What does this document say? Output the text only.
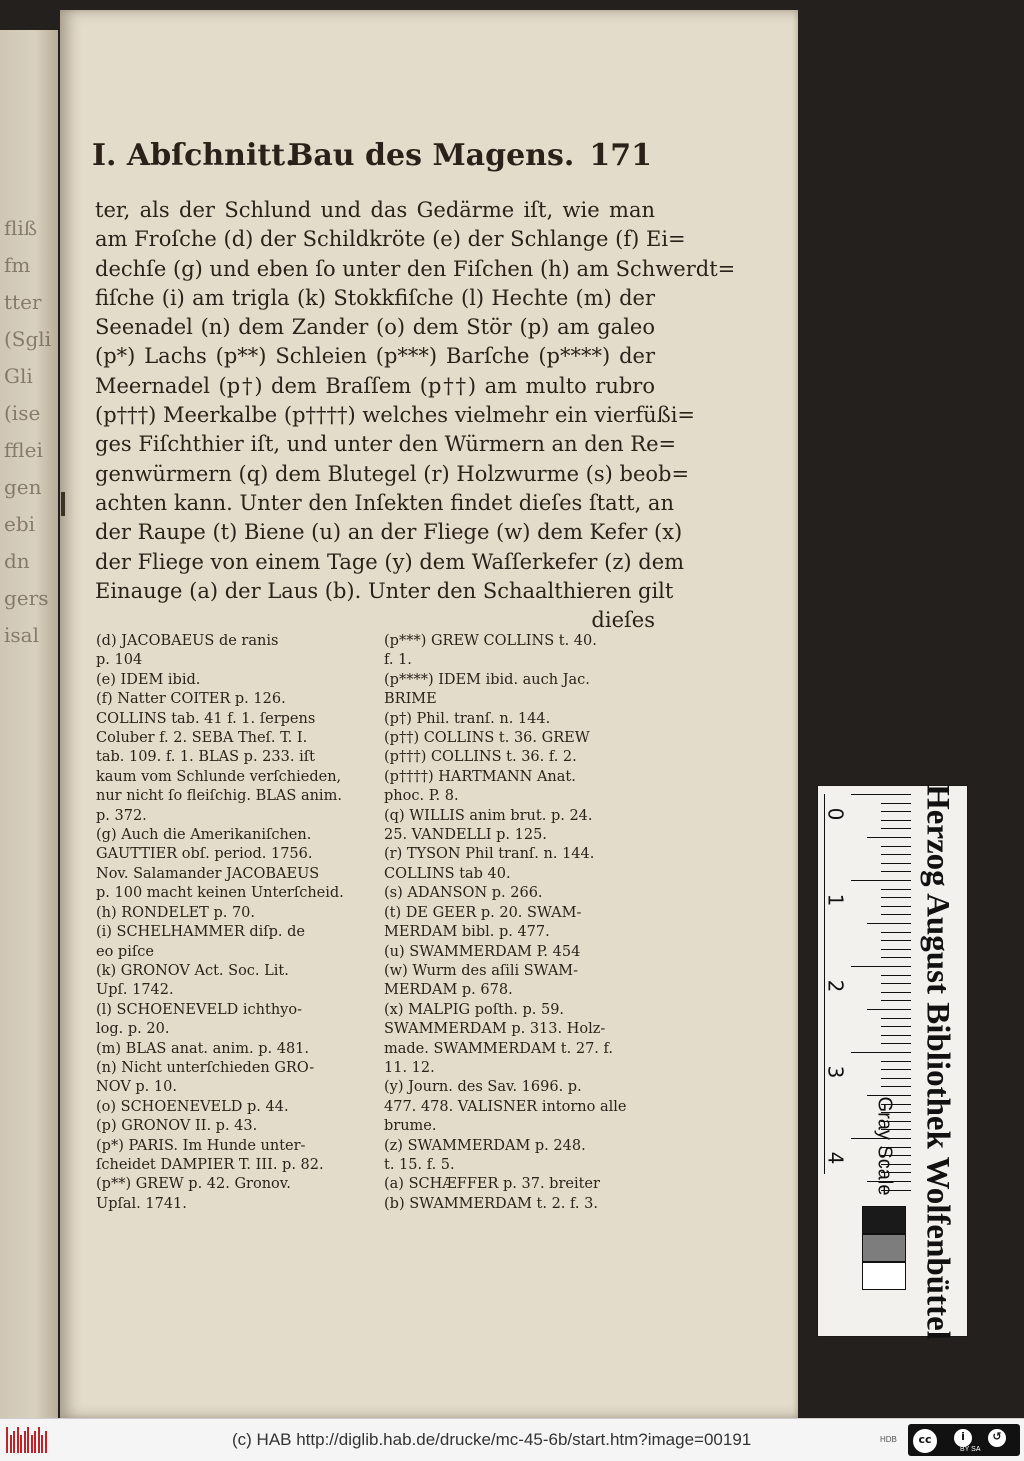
fliß
fm
tter
(Sgli
Gli
(ise
fflei
gen
ebi
dn
gers
isal
I. Abſchnitt.
Bau des Magens. 171
ter, als der Schlund und das Gedärme iſt, wie man
am Froſche (d) der Schildkröte (e) der Schlange (f) Ei=
dechſe (g) und eben ſo unter den Fiſchen (h) am Schwerdt=
fiſche (i) am trigla (k) Stokkfiſche (l) Hechte (m) der
Seenadel (n) dem Zander (o) dem Stör (p) am galeo
(p*) Lachs (p**) Schleien (p***) Barſche (p****) der
Meernadel (p†) dem Braſſem (p††) am multo rubro
(p†††) Meerkalbe (p††††) welches vielmehr ein vierfüßi=
ges Fiſchthier iſt, und unter den Würmern an den Re=
genwürmern (q) dem Blutegel (r) Holzwurme (s) beob=
achten kann. Unter den Inſekten findet dieſes ſtatt, an
der Raupe (t) Biene (u) an der Fliege (w) dem Kefer (x)
der Fliege von einem Tage (y) dem Waſſerkefer (z) dem
Einauge (a) der Laus (b). Unter den Schaalthieren gilt
dieſes
(d) JACOBAEUS de ranis
p. 104
(e) IDEM ibid.
(f) Natter COITER p. 126.
COLLINS tab. 41 f. 1. ſerpens
Coluber f. 2. SEBA Theſ. T. I.
tab. 109. f. 1. BLAS p. 233. iſt
kaum vom Schlunde verſchieden,
nur nicht ſo fleiſchig. BLAS anim.
p. 372.
(g) Auch die Amerikaniſchen.
GAUTTIER obſ. period. 1756.
Nov. Salamander JACOBAEUS
p. 100 macht keinen Unterſcheid.
(h) RONDELET p. 70.
(i) SCHELHAMMER diſp. de
eo piſce
(k) GRONOV Act. Soc. Lit.
Upſ. 1742.
(l) SCHOENEVELD ichthyo-
log. p. 20.
(m) BLAS anat. anim. p. 481.
(n) Nicht unterſchieden GRO-
NOV p. 10.
(o) SCHOENEVELD p. 44.
(p) GRONOV II. p. 43.
(p*) PARIS. Im Hunde unter-
ſcheidet DAMPIER T. III. p. 82.
(p**) GREW p. 42. Gronov.
Upſal. 1741.
(p***) GREW COLLINS t. 40.
f. 1.
(p****) IDEM ibid. auch Jac.
BRIME
(p†) Phil. tranſ. n. 144.
(p††) COLLINS t. 36. GREW
(p†††) COLLINS t. 36. f. 2.
(p††††) HARTMANN Anat.
phoc. P. 8.
(q) WILLIS anim brut. p. 24.
25. VANDELLI p. 125.
(r) TYSON Phil tranſ. n. 144.
COLLINS tab 40.
(s) ADANSON p. 266.
(t) DE GEER p. 20. SWAM-
MERDAM bibl. p. 477.
(u) SWAMMERDAM P. 454
(w) Wurm des aſili SWAM-
MERDAM p. 678.
(x) MALPIG poſth. p. 59.
SWAMMERDAM p. 313. Holz-
made. SWAMMERDAM t. 27. f.
11. 12.
(y) Journ. des Sav. 1696. p.
477. 478. VALISNER intorno alle
brume.
(z) SWAMMERDAM p. 248.
t. 15. f. 5.
(a) SCHÆFFER p. 37. breiter
(b) SWAMMERDAM t. 2. f. 3.
0
1
2
3
4 Gray Scale Herzog August Bibliothek Wolfenbüttel
(c) HAB http://diglib.hab.de/drucke/mc-45-6b/start.htm?image=00191	HDB	cc	i	↺
BY SA
